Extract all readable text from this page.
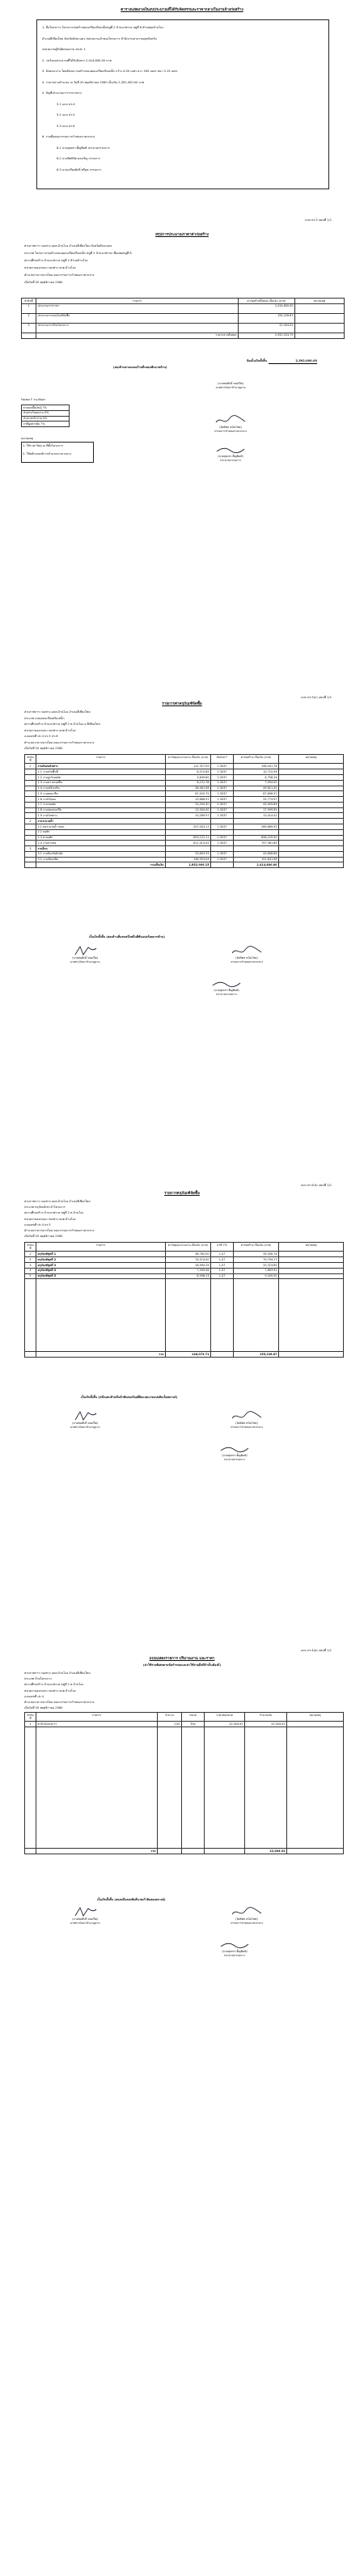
ตารางแสดงวงเงินงบประมาณที่ได้รับจัดสรรและราคากลางในงานจ้างก่อสร้าง
1. ชื่อโครงการ โครงการก่อสร้างคอนกรีตเสริมเหล็กหมู่ที่ 2 บ้านนาทราย หมู่ที่ 8 ตำบลคุยบ้านโอง
อำเภอสีเชียงใหม่ จังหวัดสังขะนคร /หน่วยงานเจ้าของโครงการ สำนักงานสาธารณสุขจังหวัด
/หน่วยงานผู้รับผิดชอบงาน สป.ท. 1
2. วงเงินงบประมาณที่ได้รับจัดสรร 2,414,800.00 บาท
3. ลักษณะงาน โดยสังเขป ก่อสร้างถนนคอนกรีตเสริมเหล็ก กว้าง 4.00 เมตร ยาว 345 เมตร หนา 0.15 เมตร
4. ราคากลางคำนวณ ณ วันที่ 20 พฤศจิกายน 2560 เป็นเงิน 2,392,000.00 บาท
5. บัญชีประมาณการราคากลาง
5.1 แบบ ปร.4
5.2 แบบ ปร.5
5.3 แบบ ปร.6
6. รายชื่อคณะกรรมการกำหนดราคากลาง
6.1 นายสุนทร เพ็ญพิมพ์ ประธานกรรมการ
6.2 นายสิทธิชัย คงเจริญ กรรมการ
6.3 นายเกรียงศักดิ์ ศรีสุข กรรมการ
แบบ ปร.5 แผ่นที่ 1/1
สรุปการประมาณราคาค่าก่อสร้าง
ส่วนราชการ กองช่าง อบต.บ้านโอง อำเภอสีเชียงใหม่ จังหวัดสังขะนคร
ประเภท โครงการก่อสร้างถนนคอนกรีตเสริมเหล็ก หมู่ที่ 2 บ้านนาทราย เชื่อมต่อหมู่ที่ 8
สถานที่ก่อสร้าง บ้านนาทราย หมู่ที่ 2 ตำบลบ้านโอง
หน่วยงานออกแบบ กองช่าง อบต.บ้านโอง
คำนวณราคากลางโดย คณะกรรมการกำหนดราคากลาง
เมื่อวันที่ 20 พฤศจิกายน 2560
ลำดับที่	รายการ	ค่าก่อสร้างทั้งหมด เป็นเงิน (บาท)	หมายเหตุ
1	ประมาณการราคา	2,414,800.00	
2	ประมาณการครุภัณฑ์จัดซื้อ	155,228.87	
3	ประมาณการป้ายโครงการ	22,004.92	
	ราคากลางทั้งหมด	2,592,033.79	
คิดเป็นเงินทั้งสิ้น	2,392,000.00
(สองล้านสามแสนเก้าหมื่นสองพันบาทถ้วน)
Factor F ร่วมกับค่า
ค่าดอกเบี้ยเงินกู้ 7%
เงินประกันผลงาน 0%
เงินล่วงหน้าจ่าย 0%
ภาษีมูลค่าเพิ่ม 7%
หมายเหตุ
1. ใช้ราคาวัสดุ ณ ที่ตั้งโครงการ
2. ใช้หลักเกณฑ์การคำนวณราคากลาง
(อิทธิพล สนั่นโชค)
กรรมการกำหนดราคากลาง
(นายสมศักดิ์ ทองเปีย)
นายช่างโยธาชำนาญงาน
(นายสุนทร เพ็ญพิมพ์)
ประธานกรรมการ
แบบ ปร.5(ก) แผ่นที่ 1/1
รายการค่าครุภัณฑ์จัดซื้อ
ส่วนราชการ กองช่าง อบต.บ้านโอง อำเภอสีเชียงใหม่
ประเภท ถนนคอนกรีตเสริมเหล็ก
สถานที่ก่อสร้าง บ้านนาทราย หมู่ที่ 2 ต.บ้านโอง อ.สีเชียงใหม่
หน่วยงานออกแบบ กองช่าง อบต.บ้านโอง
แบบเลขที่ ปร.4 ปร.5 ปร.6
คำนวณราคากลางโดย คณะกรรมการกำหนดราคากลาง
เมื่อวันที่ 20 พฤศจิกายน 2560
ลำดับที่	รายการ	ค่าวัสดุและแรงงาน เป็นเงิน (บาท)	Factor F	ค่าก่อสร้าง เป็นเงิน (บาท)	หมายเหตุ
1	งานดินถมคันทาง	112,327.05	1.3037	146,441.76	
	1.1 งานปรับพื้นที่	8,215.65	1.3037	10,710.94	
	1.2 งานลูกรังบดอัด	3,649.80	1.3037	4,758.24	
	1.3 งานทรายรองพื้น	6,131.78	1.3037	7,994.00	
	1.4 งานเหล็กเสริม	38,061.56	1.3037	49,621.30	
	1.5 งานคอนกรีต	67,420.75	1.3037	87,896.37	
	1.6 งานไม้แบบ	19,888.91	1.3037	25,774.97	
	1.7 งานรอยต่อ	33,294.30	1.3037	43,405.84	
	1.8 งานบ่มคอนกรีต	13,500.00	1.3037	17,599.95	
	1.9 งานไหล่ทาง	10,289.57	1.3037	13,414.41	
2	งานระบายน้ำ				
	2.1 ท่อระบายน้ำ คสล.	207,003.11	1.3037	269,869.95	
	2.2 บ่อพัก				
	2.3 ฝาบ่อพัก	653,122.11	1.3037	846,220.50	
	2.4 งานปากท่อ	611,414.42	1.3037	797,361.85	
3	งานอื่นๆ				
	3.1 งานป้องกันดินพัง	33,603.33	1.3037	43,808.66	
	3.2 งานเบ็ดเตล็ด	146,903.04	1.3037	191,841.98	
	รวมเป็นเงิน	1,852,909.13		2,414,800.00	
เป็นเงินทั้งสิ้น (สองล้านสี่แสนหนึ่งหมื่นสี่พันแปดร้อยบาทถ้วน)
(นายสมศักดิ์ ทองเปีย)
นายช่างโยธาชำนาญงาน
(อิทธิพล สนั่นโชค)
กรรมการกำหนดราคากลาง
(นายสุนทร เพ็ญพิมพ์)
ประธานกรรมการ
แบบ ปร.5(ข) แผ่นที่ 1/1
รายการครุภัณฑ์จัดซื้อ
ส่วนราชการ กองช่าง อบต.บ้านโอง อำเภอสีเชียงใหม่
ประเภท ครุภัณฑ์ประจำโครงการ
สถานที่ก่อสร้าง บ้านนาทราย หมู่ที่ 2 ต.บ้านโอง
หน่วยงานออกแบบ กองช่าง อบต.บ้านโอง
แบบเลขที่ ปร.4 ปร.5
คำนวณราคากลางโดย คณะกรรมการกำหนดราคากลาง
เมื่อวันที่ 20 พฤศจิกายน 2560
ลำดับที่	รายการ	ค่าวัสดุและแรงงาน เป็นเงิน (บาท)	ภาษี 7%	ค่าก่อสร้าง เป็นเงิน (บาท)	หมายเหตุ
1	ครุภัณฑ์ชุดที่ 1	36,782.00	1.07	39,356.74	
2	ครุภัณฑ์ชุดที่ 2	74,574.00	1.07	79,794.17	
3	ครุภัณฑ์ชุดที่ 3	18,994.25	1.07	20,323.85	
4	ครุภัณฑ์ชุดที่ 4	7,349.46	1.07	7,863.92	
5	ครุภัณฑ์ชุดที่ 5	8,598.13	1.07	9,200.00	

	รวม	146,073.71		155,228.87	
เป็นเงินทั้งสิ้น (หนึ่งแสนห้าหมื่นห้าพันสองร้อยยี่สิบแปดบาทแปดสิบเจ็ดสตางค์)
(นายสมศักดิ์ ทองเปีย)
นายช่างโยธาชำนาญงาน
(อิทธิพล สนั่นโชค)
กรรมการกำหนดราคากลาง
(นายสุนทร เพ็ญพิมพ์)
ประธานกรรมการ
แบบ ปร.4(ค) แผ่นที่ 1/1
แบบแสดงรายการ ปริมาณงาน และราคา
(ค่าใช้จ่ายพิเศษตามข้อกำหนดและค่าใช้จ่ายอื่นที่จำเป็นต้องมี)
ส่วนราชการ กองช่าง อบต.บ้านโอง อำเภอสีเชียงใหม่
ประเภท ป้ายโครงการ
สถานที่ก่อสร้าง บ้านนาทราย หมู่ที่ 2 ต.บ้านโอง
หน่วยงานออกแบบ กองช่าง อบต.บ้านโอง
แบบเลขที่ ปร.4
คำนวณราคากลางโดย คณะกรรมการกำหนดราคากลาง
เมื่อวันที่ 20 พฤศจิกายน 2560
ลำดับที่	รายการ	จำนวน	หน่วย	ราคาต่อหน่วย	จำนวนเงิน	หมายเหตุ
1	ค่าป้ายโครงการ	1.00	ป้าย	22,004.92	22,004.92	

	รวม				22,004.92	
เป็นเงินทั้งสิ้น (สองหมื่นสองพันสี่บาทเก้าสิบสองสตางค์)
(นายสมศักดิ์ ทองเปีย)
นายช่างโยธาชำนาญงาน
(อิทธิพล สนั่นโชค)
กรรมการกำหนดราคากลาง
(นายสุนทร เพ็ญพิมพ์)
ประธานกรรมการ
